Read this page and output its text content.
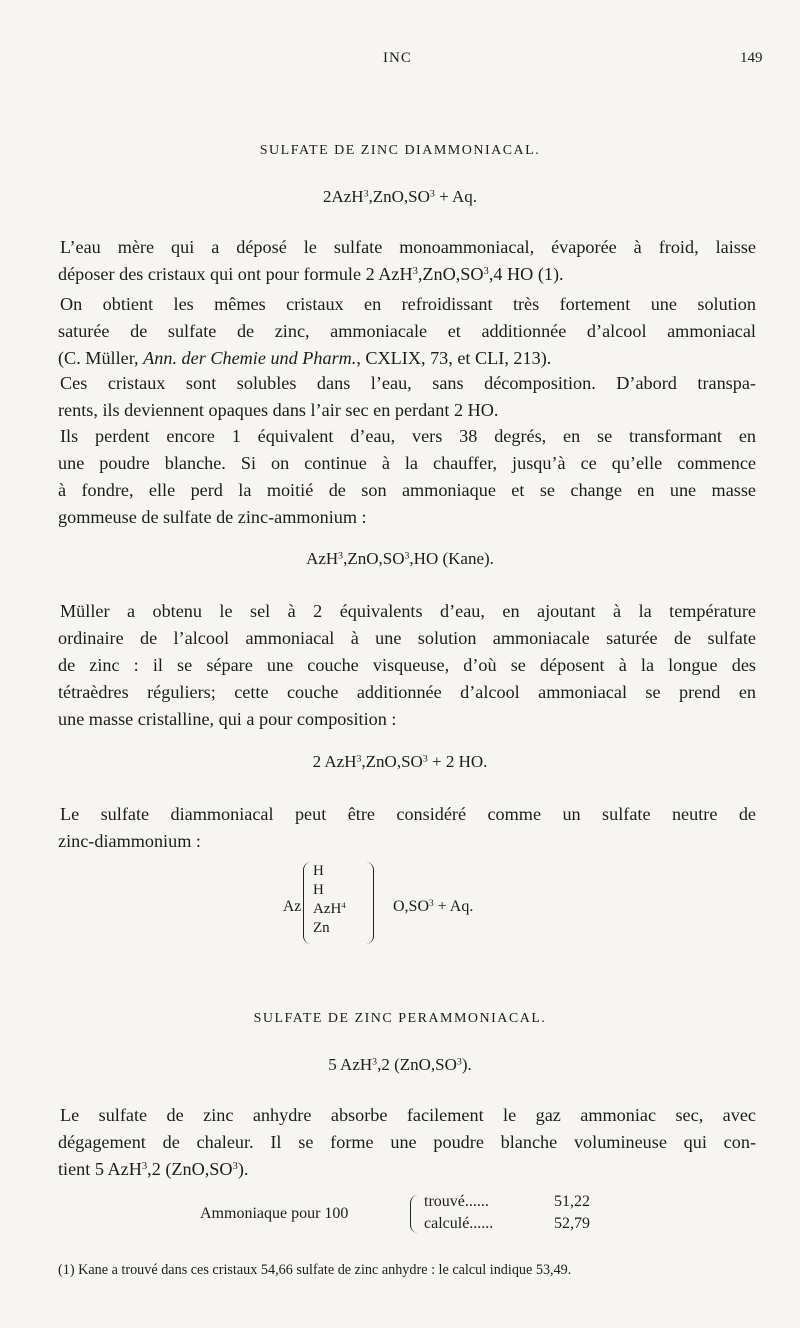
INC	149
SULFATE DE ZINC DIAMMONIACAL.
$2AzH^3,ZnO,SO^3 + Aq$.
L’eau mère qui a déposé le sulfate monoammoniacal, évaporée à froid, laisse
déposer des cristaux qui ont pour formule 2 $AzH^3,ZnO,SO^3,4$ HO (1).
On obtient les mêmes cristaux en refroidissant très fortement une solution
saturée de sulfate de zinc, ammoniacale et additionnée d’alcool ammoniacal
(C. Müller, Ann. der Chemie und Pharm., CXLIX, 73, et CLI, 213).
Ces cristaux sont solubles dans l’eau, sans décomposition. D’abord transpa-
rents, ils deviennent opaques dans l’air sec en perdant 2 HO.
Ils perdent encore 1 équivalent d’eau, vers 38 degrés, en se transformant en
une poudre blanche. Si on continue à la chauffer, jusqu’à ce qu’elle commence
à fondre, elle perd la moitié de son ammoniaque et se change en une masse
gommeuse de sulfate de zinc-ammonium :
$AzH^3,ZnO,SO^3,HO$ (Kane).
Müller a obtenu le sel à 2 équivalents d’eau, en ajoutant à la température
ordinaire de l’alcool ammoniacal à une solution ammoniacale saturée de sulfate
de zinc : il se sépare une couche visqueuse, d’où se déposent à la longue des
tétraèdres réguliers; cette couche additionnée d’alcool ammoniacal se prend en
une masse cristalline, qui a pour composition :
2 $AzH^3,ZnO,SO^3 + 2$ HO.
Le sulfate diammoniacal peut être considéré comme un sulfate neutre de
zinc-diammonium :
Az
H
H
AzH$^4$
Zn
$O,SO^3 + Aq$.
SULFATE DE ZINC PERAMMONIACAL.
5 AzH$^3$,2 $(ZnO,SO^3)$.
Le sulfate de zinc anhydre absorbe facilement le gaz ammoniac sec, avec
dégagement de chaleur. Il se forme une poudre blanche volumineuse qui con-
tient 5 AzH$^3$,2 $(ZnO,SO^3)$.
Ammoniaque pour 100
trouvé......	51,22
calculé......	52,79
(1) Kane a trouvé dans ces cristaux 54,66 sulfate de zinc anhydre : le calcul indique 53,49.
